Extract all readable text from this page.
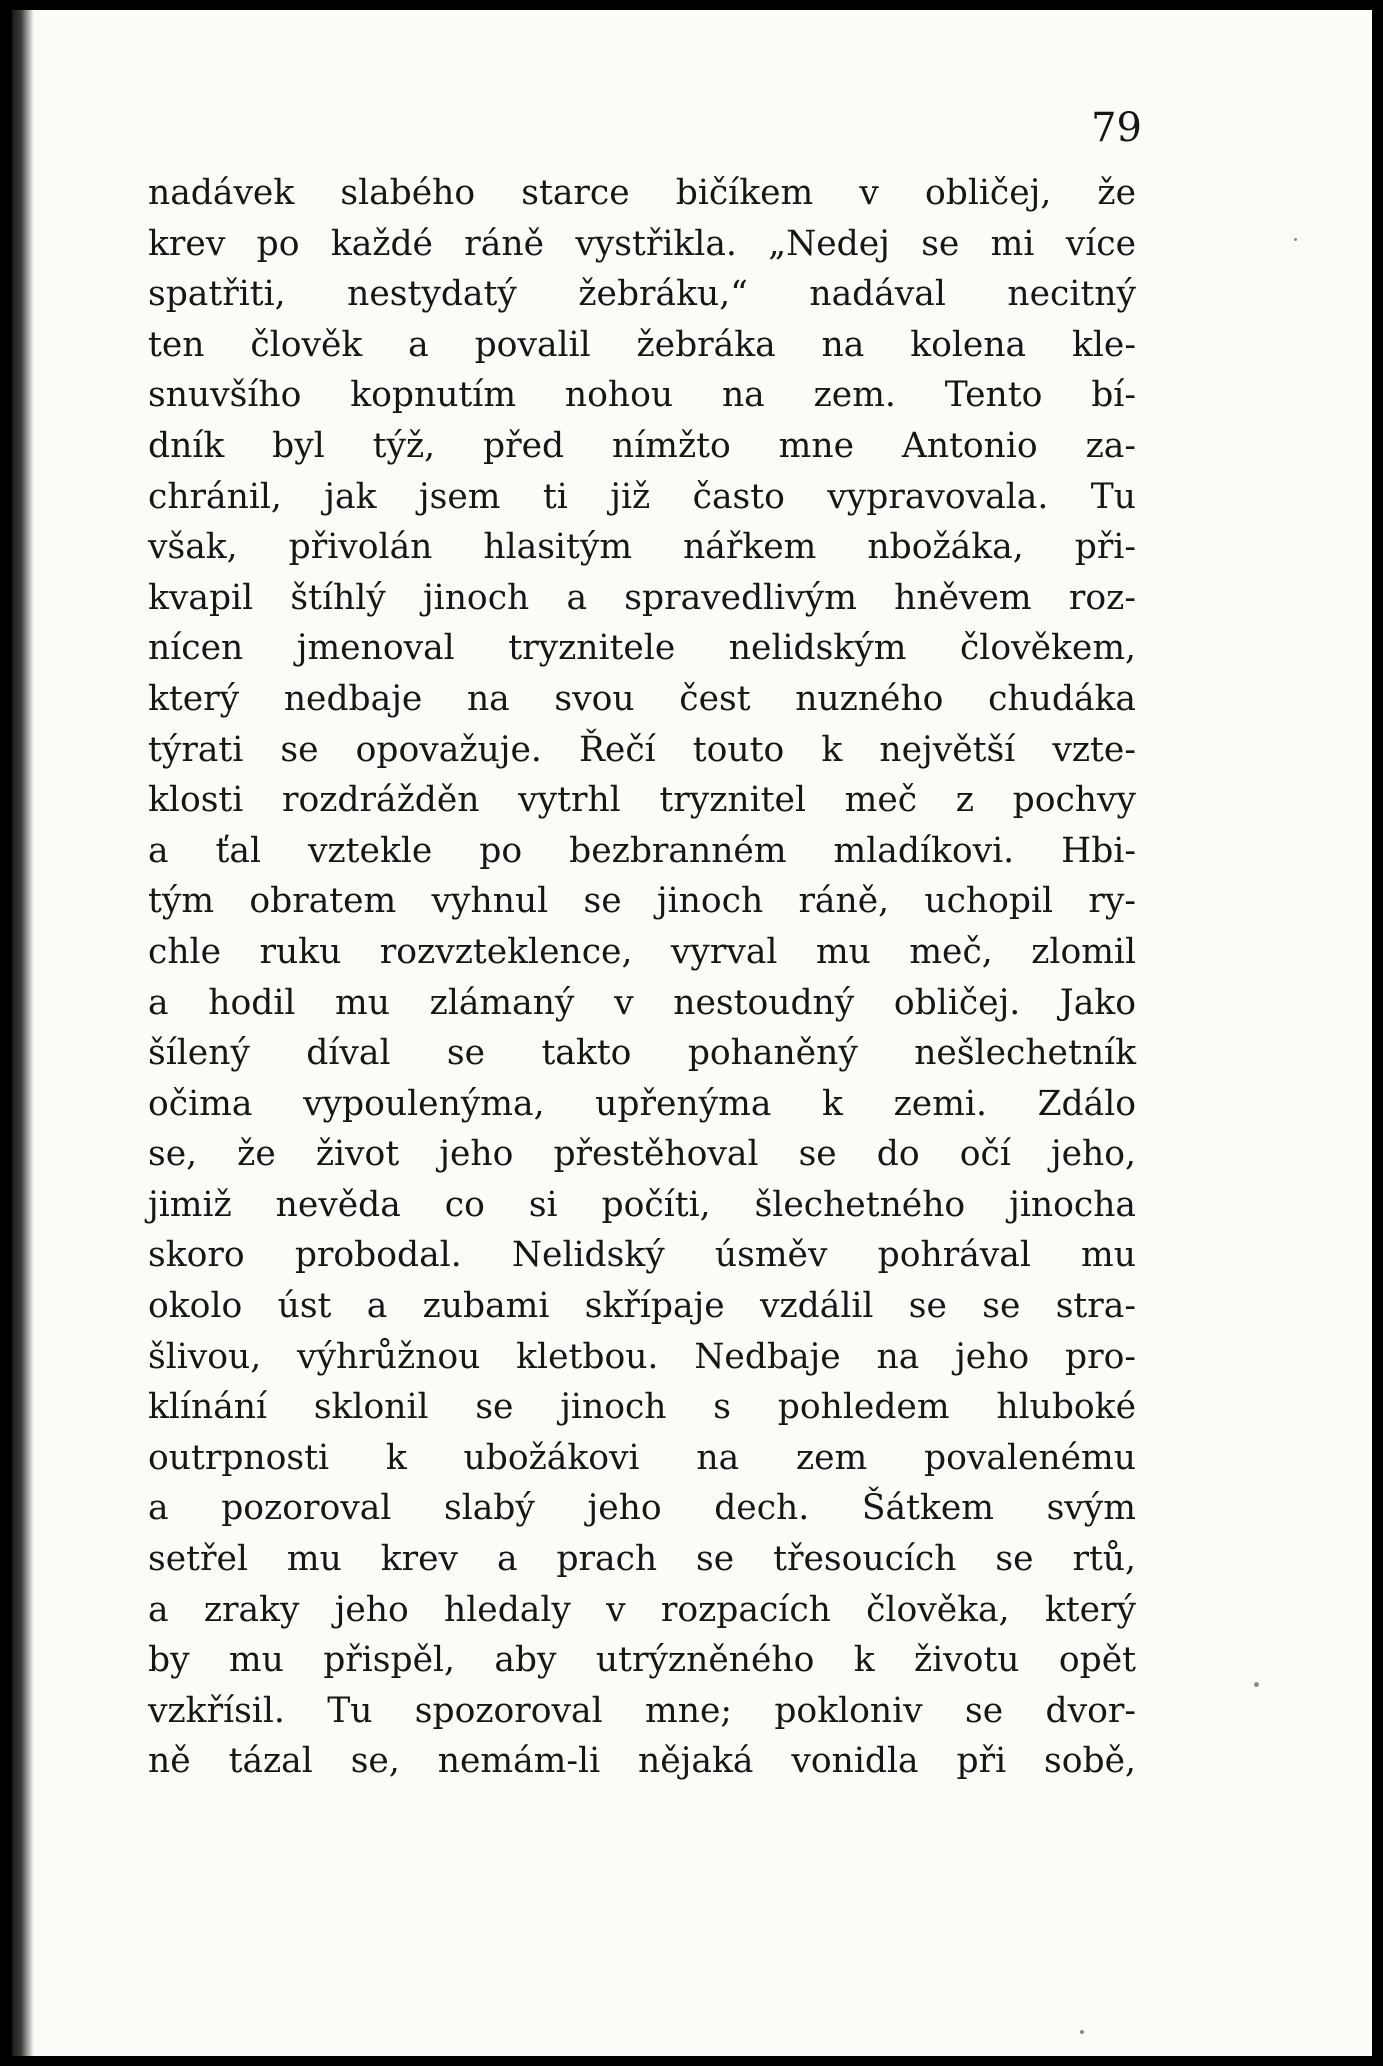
79
nadávek slabého starce bičíkem v obličej, že
krev po každé ráně vystřikla. „Nedej se mi více
spatřiti, nestydatý žebráku,“ nadával necitný
ten člověk a povalil žebráka na kolena kle-
snuvšího kopnutím nohou na zem. Tento bí-
dník byl týž, před nímžto mne Antonio za-
chránil, jak jsem ti již často vypravovala. Tu
však, přivolán hlasitým nářkem nbožáka, při-
kvapil štíhlý jinoch a spravedlivým hněvem roz-
nícen jmenoval tryznitele nelidským člověkem,
který nedbaje na svou čest nuzného chudáka
týrati se opovažuje. Řečí touto k největší vzte-
klosti rozdrážděn vytrhl tryznitel meč z pochvy
a ťal vztekle po bezbranném mladíkovi. Hbi-
tým obratem vyhnul se jinoch ráně, uchopil ry-
chle ruku rozvzteklence, vyrval mu meč, zlomil
a hodil mu zlámaný v nestoudný obličej. Jako
šílený díval se takto pohaněný nešlechetník
očima vypoulenýma, upřenýma k zemi. Zdálo
se, že život jeho přestěhoval se do očí jeho,
jimiž nevěda co si počíti, šlechetného jinocha
skoro probodal. Nelidský úsměv pohrával mu
okolo úst a zubami skřípaje vzdálil se se stra-
šlivou, výhrůžnou kletbou. Nedbaje na jeho pro-
klínání sklonil se jinoch s pohledem hluboké
outrpnosti k ubožákovi na zem povalenému
a pozoroval slabý jeho dech. Šátkem svým
setřel mu krev a prach se třesoucích se rtů,
a zraky jeho hledaly v rozpacích člověka, který
by mu přispěl, aby utrýzněného k životu opět
vzkřísil. Tu spozoroval mne; pokloniv se dvor-
ně tázal se, nemám-li nějaká vonidla při sobě,
